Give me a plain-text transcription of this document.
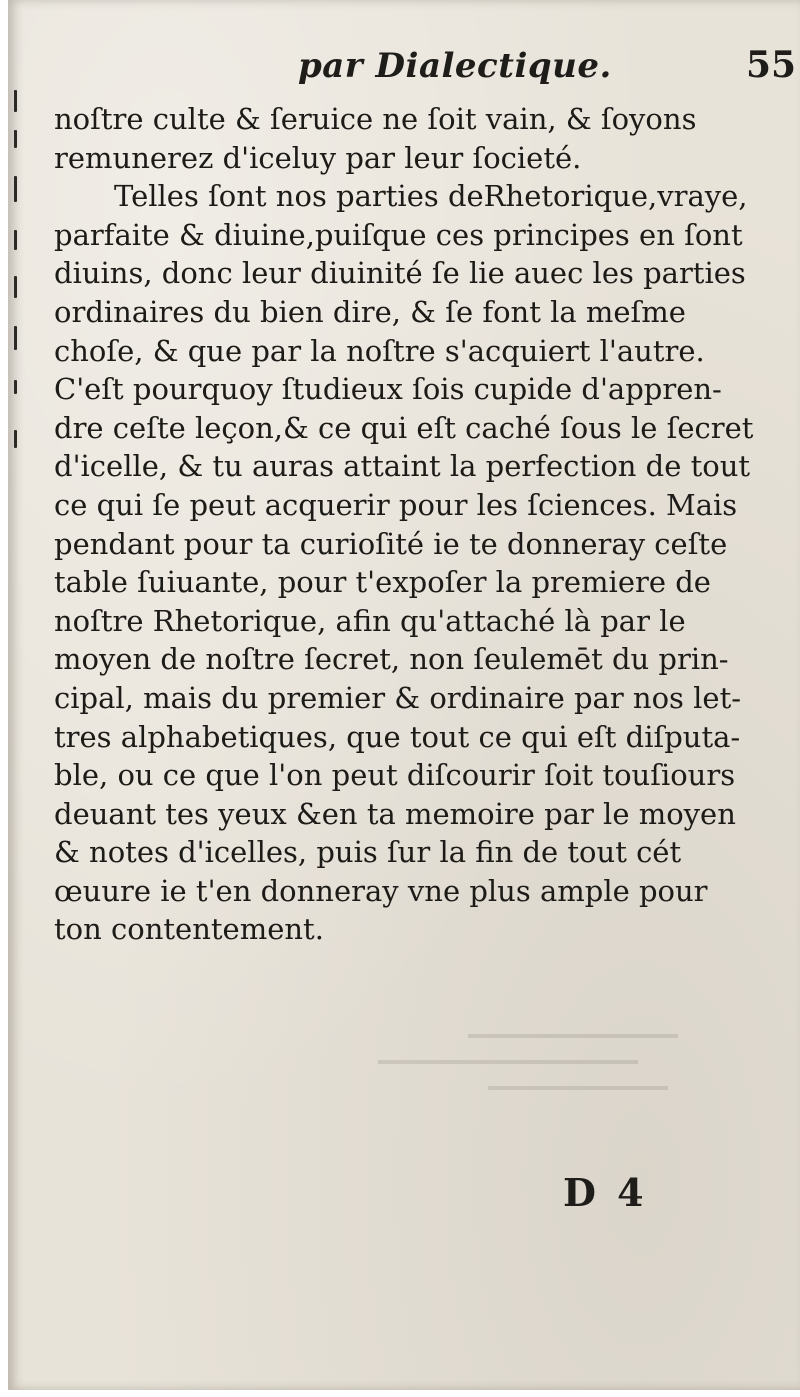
par Dialectique.	55
noſtre culte & ſeruice ne ſoit vain, & ſoyons
remunerez d'iceluy par leur ſocieté.
Telles ſont nos parties deRhetorique,vraye,
parfaite & diuine,puiſque ces principes en ſont
diuins, donc leur diuinité ſe lie auec les parties
ordinaires du bien dire, & ſe font la meſme
choſe, & que par la noſtre s'acquiert l'autre.
C'eſt pourquoy ſtudieux ſois cupide d'appren-
dre ceſte leçon,& ce qui eſt caché ſous le ſecret
d'icelle, & tu auras attaint la perfection de tout
ce qui ſe peut acquerir pour les ſciences. Mais
pendant pour ta curioſité ie te donneray ceſte
table ſuiuante, pour t'expoſer la premiere de
noſtre Rhetorique, afin qu'attaché là par le
moyen de noſtre ſecret, non ſeulemēt du prin-
cipal, mais du premier & ordinaire par nos let-
tres alphabetiques, que tout ce qui eſt diſputa-
ble, ou ce que l'on peut diſcourir ſoit touſiours
deuant tes yeux &en ta memoire par le moyen
& notes d'icelles, puis ſur la fin de tout cét
œuure ie t'en donneray vne plus ample pour
ton contentement.
D 4
